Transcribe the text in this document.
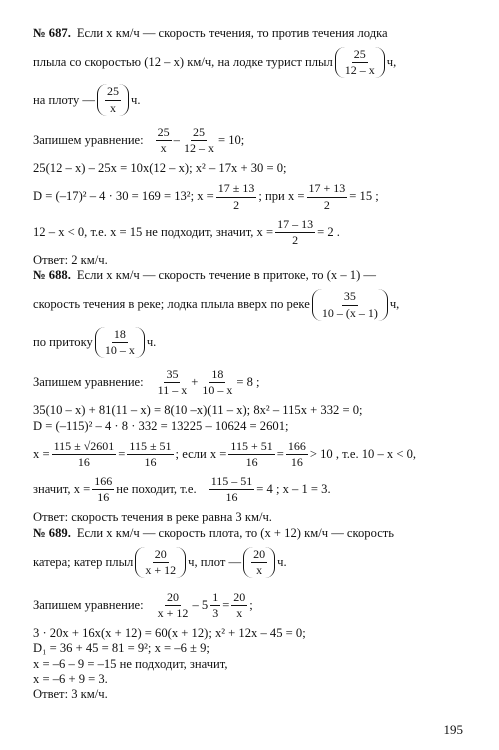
№ 687. Если x км/ч — скорость течения, то против течения лодка
плыла со скоростью (12 – x) км/ч, на лодке турист плыл $\frac{25}{12 - x} ч$,
на плоту — $\frac{25}{x} ч$.
Запишем уравнение: $\frac{25}{x} - \frac{25}{12 - x} = 10$;
25(12 – x) – 25x = 10x(12 – x); x² – 17x + 30 = 0;
D = (–17)² – 4 · 30 = 169 = 13²; $x = \frac{17 \pm 13}{2}$ ; при $x = \frac{17 + 13}{2} = 15$ ;
12 – x < 0, т.е. x = 15 не подходит, значит, $x = \frac{17 - 13}{2} = 2$ .
Ответ: 2 км/ч.
№ 688. Если x км/ч — скорость течение в притоке, то (x – 1) —
скорость течения в реке; лодка плыла вверх по реке $\frac{35}{10 - (x - 1)} ч$,
по притоку $\frac{18}{10 - x} ч$.
Запишем уравнение: $\frac{35}{11 - x} + \frac{18}{10 - x} = 8$ ;
35(10 – x) + 81(11 – x) = 8(10 –x)(11 – x); 8x² – 115x + 332 = 0;
D = (–115)² – 4 · 8 · 332 = 13225 – 10624 = 2601;
$x = \frac{115 \pm √2601}{16} = \frac{115 \pm 51}{16}$ ; если $x = \frac{115 + 51}{16} = \frac{166}{16} > 10$ , т.е. 10 – x < 0,
значит, $x = \frac{166}{16}$ не походит, т.е. $\frac{115 - 51}{16} = 4$ ; x – 1 = 3.
Ответ: скорость течения в реке равна 3 км/ч.
№ 689. Если x км/ч — скорость плота, то (x + 12) км/ч — скорость
катера; катер плыл $\frac{20}{x + 12} ч$, плот — $\frac{20}{x} ч$.
Запишем уравнение: $\frac{20}{x + 12} - 5 \frac{1}{3} = \frac{20}{x}$ ;
3 · 20x + 16x(x + 12) = 60(x + 12); x² + 12x – 45 = 0;
D₁ = 36 + 45 = 81 = 9²; x = –6 ± 9;
x = –6 – 9 = –15 не подходит, значит,
x = –6 + 9 = 3.
Ответ: 3 км/ч.
195
